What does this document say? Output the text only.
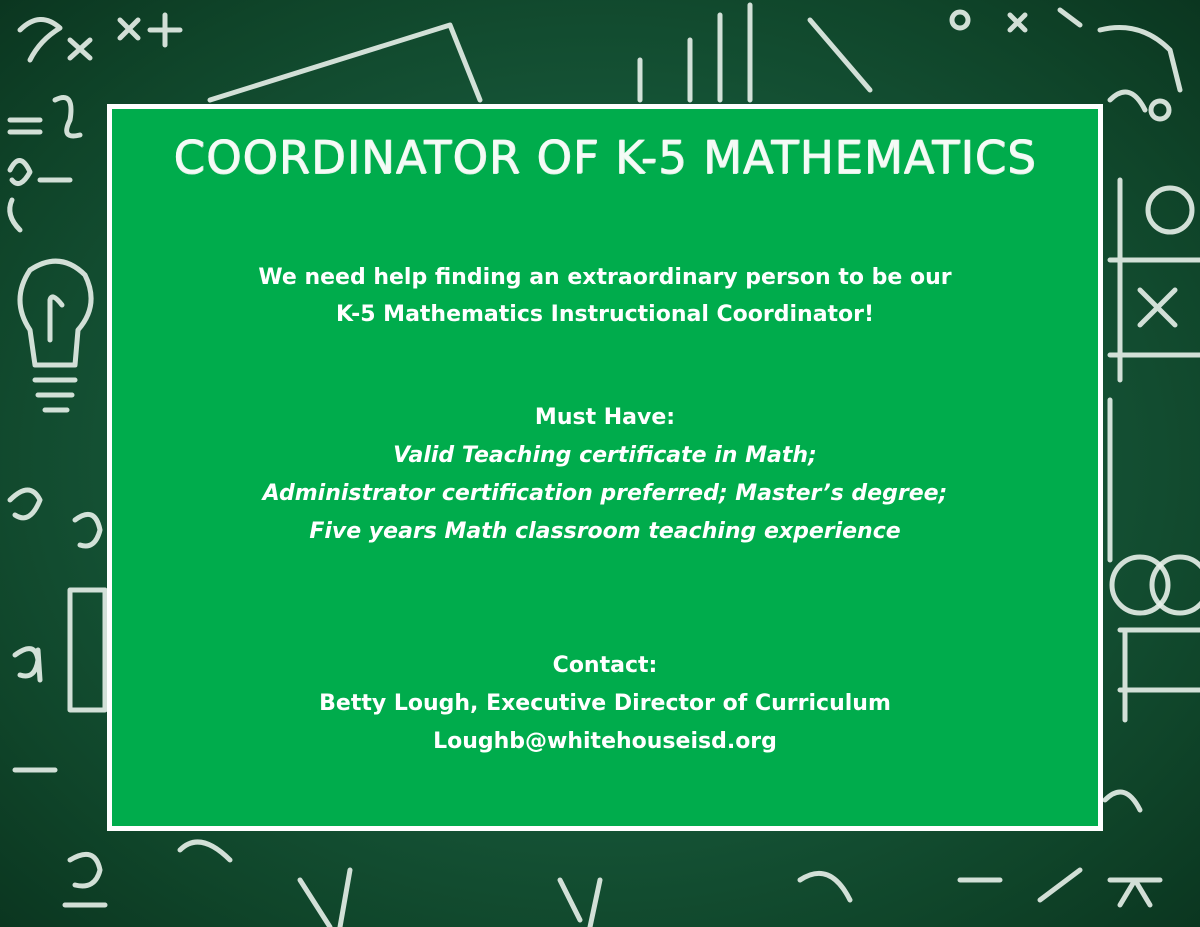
COORDINATOR OF K-5 MATHEMATICS
We need help finding an extraordinary person to be our
K-5 Mathematics Instructional Coordinator!
Must Have:
Valid Teaching certificate in Math;
Administrator certification preferred; Master’s degree;
Five years Math classroom teaching experience
Contact:
Betty Lough, Executive Director of Curriculum
Loughb@whitehouseisd.org
